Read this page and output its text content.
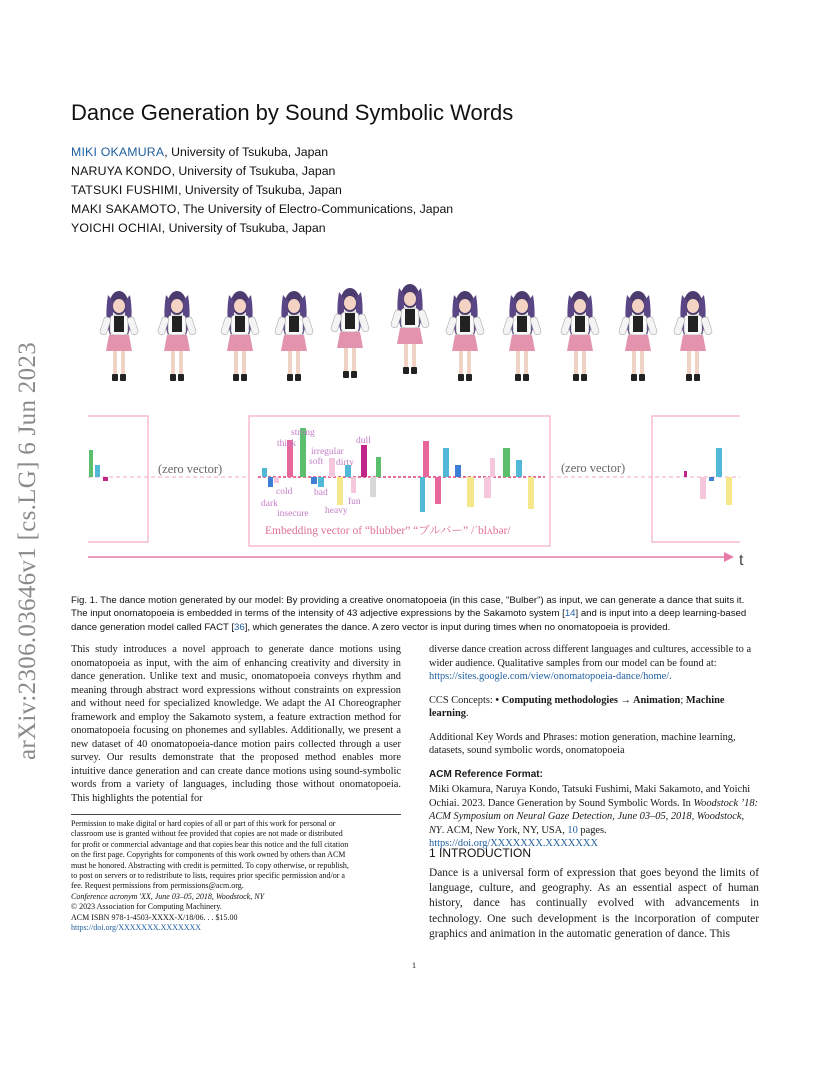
arXiv:2306.03646v1 [cs.LG] 6 Jun 2023
Dance Generation by Sound Symbolic Words
MIKI OKAMURA, University of Tsukuba, Japan
NARUYA KONDO, University of Tsukuba, Japan
TATSUKI FUSHIMI, University of Tsukuba, Japan
MAKI SAKAMOTO, The University of Electro-Communications, Japan
YOICHI OCHIAI, University of Tsukuba, Japan
(zero vector)	(zero vector)
strong
thick
irregular
soft dirty
dull
cold bad
dark	fun
insecure heavy
Embedding vector of “blubber” “ブルバー” /ˈblʌbər/
t
Fig. 1. The dance motion generated by our model: By providing a creative onomatopoeia (in this case, "Bulber") as input, we can generate a dance that suits it.
The input onomatopoeia is embedded in terms of the intensity of 43 adjective expressions by the Sakamoto system [14] and is input into a deep learning-based
dance generation model called FACT [36], which generates the dance. A zero vector is input during times when no onomatopoeia is provided.
This study introduces a novel approach to generate dance motions using onomatopoeia as input, with the aim of enhancing creativity and diversity in dance generation. Unlike text and music, onomatopoeia conveys rhythm and meaning through abstract word expressions without constraints on expression and without need for specialized knowledge. We adapt the AI Choreographer framework and employ the Sakamoto system, a feature extraction method for onomatopoeia focusing on phonemes and syllables. Additionally, we present a new dataset of 40 onomatopoeia-dance motion pairs collected through a user survey. Our results demonstrate that the proposed method enables more intuitive dance generation and can create dance motions using sound-symbolic words from a variety of languages, including those without onomatopoeia. This highlights the potential for

diverse dance creation across different languages and cultures, accessible to a wider audience. Qualitative samples from our model can be found at: https://sites.google.com/view/onomatopoeia-dance/home/.

CCS Concepts: • Computing methodologies → Animation; Machine learning.

Additional Key Words and Phrases: motion generation, machine learning, datasets, sound symbolic words, onomatopoeia

ACM Reference Format:
Miki Okamura, Naruya Kondo, Tatsuki Fushimi, Maki Sakamoto, and Yoichi Ochiai. 2023. Dance Generation by Sound Symbolic Words. In Woodstock ’18: ACM Symposium on Neural Gaze Detection, June 03–05, 2018, Woodstock, NY. ACM, New York, NY, USA, 10 pages. https://doi.org/XXXXXXX.XXXXXXX
Permission to make digital or hard copies of all or part of this work for personal or
classroom use is granted without fee provided that copies are not made or distributed
for profit or commercial advantage and that copies bear this notice and the full citation
on the first page. Copyrights for components of this work owned by others than ACM
must be honored. Abstracting with credit is permitted. To copy otherwise, or republish,
to post on servers or to redistribute to lists, requires prior specific permission and/or a
fee. Request permissions from permissions@acm.org.
Conference acronym 'XX, June 03–05, 2018, Woodstock, NY
© 2023 Association for Computing Machinery.
ACM ISBN 978-1-4503-XXXX-X/18/06. . . $15.00
https://doi.org/XXXXXXX.XXXXXXX
1 INTRODUCTION
Dance is a universal form of expression that goes beyond the limits of language, culture, and geography. As an essential aspect of human history, dance has continually evolved with advancements in technology. One such development is the incorporation of computer graphics and animation in the automatic generation of dance. This
1
